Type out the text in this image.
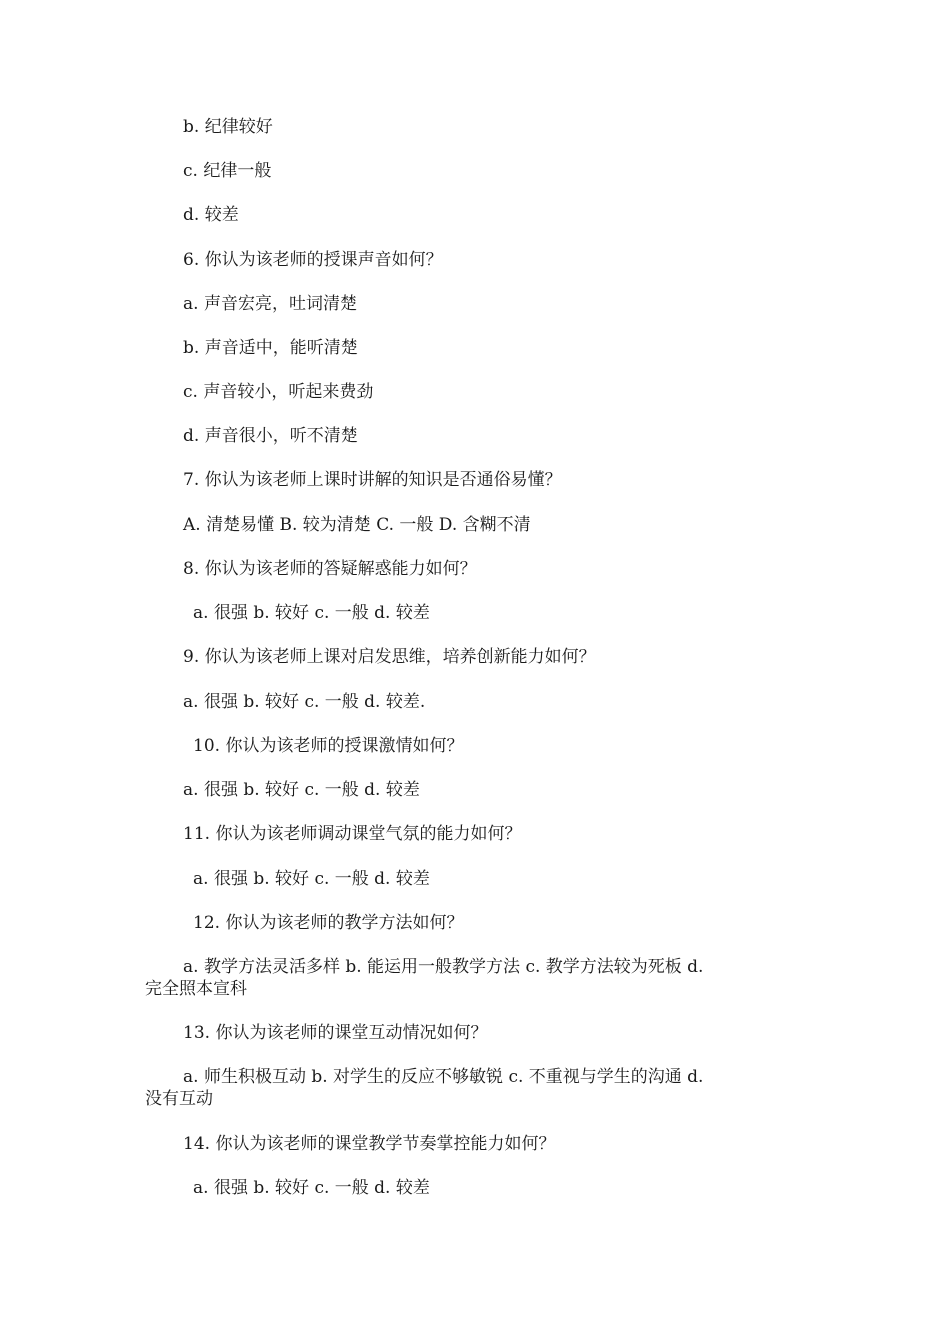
b. 纪律较好
c. 纪律一般
d. 较差
6. 你认为该老师的授课声音如何？
a. 声音宏亮，吐词清楚
b. 声音适中，能听清楚
c. 声音较小，听起来费劲
d. 声音很小，听不清楚
7. 你认为该老师上课时讲解的知识是否通俗易懂？
A. 清楚易懂 B. 较为清楚 C. 一般 D. 含糊不清
8. 你认为该老师的答疑解惑能力如何？
a. 很强 b. 较好 c. 一般 d. 较差
9. 你认为该老师上课对启发思维，培养创新能力如何？
a. 很强 b. 较好 c. 一般 d. 较差.
10. 你认为该老师的授课激情如何？
a. 很强 b. 较好 c. 一般 d. 较差
11. 你认为该老师调动课堂气氛的能力如何？
a. 很强 b. 较好 c. 一般 d. 较差
12. 你认为该老师的教学方法如何？
a. 教学方法灵活多样 b. 能运用一般教学方法 c. 教学方法较为死板 d.
完全照本宣科
13. 你认为该老师的课堂互动情况如何？
a. 师生积极互动 b. 对学生的反应不够敏锐 c. 不重视与学生的沟通 d.
没有互动
14. 你认为该老师的课堂教学节奏掌控能力如何？
a. 很强 b. 较好 c. 一般 d. 较差
